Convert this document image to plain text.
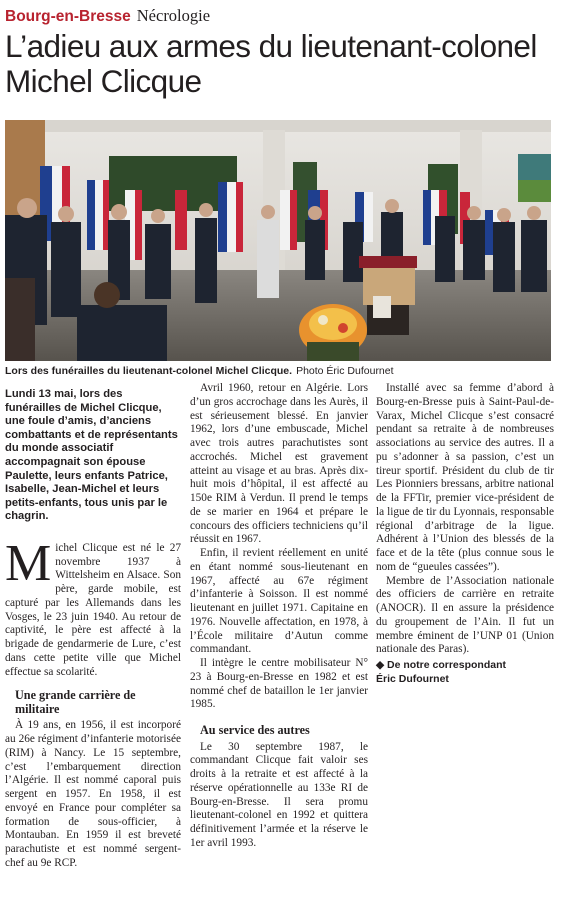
Bourg-en-Bresse Nécrologie
L’adieu aux armes du lieutenant-colonel Michel Clicque
Lors des funérailles du lieutenant-colonel Michel Clicque. Photo Éric Dufournet

Lundi 13 mai, lors des funérailles de Michel Clicque, une foule d’amis, d’anciens combattants et de représentants du monde associatif accompagnait son épouse Paulette, leurs enfants Patrice, Isabelle, Jean-Michel et leurs petits-enfants, tous unis par le chagrin.

Michel Clicque est né le 27 novembre 1937 à Wittelsheim en Alsace. Son père, garde mobile, est capturé par les Allemands dans les Vosges, le 23 juin 1940. Au retour de captivité, le père est affecté à la brigade de gendarmerie de Lure, c’est dans cette petite ville que Michel effectue sa scolarité.

Une grande carrière de militaire

À 19 ans, en 1956, il est incorporé au 26e régiment d’infanterie motorisée (RIM) à Nancy. Le 15 septembre, c’est l’embarquement direction l’Algérie. Il est nommé caporal puis sergent en 1957. En 1958, il est envoyé en France pour compléter sa formation de sous-officier, à Montauban. En 1959 il est breveté parachutiste et est nommé sergent-chef au 9e RCP.

Avril 1960, retour en Algérie. Lors d’un gros accrochage dans les Aurès, il est sérieusement blessé. En janvier 1962, lors d’une embuscade, Michel avec trois autres parachutistes sont accrochés. Michel est gravement atteint au visage et au bras. Après dix-huit mois d’hôpital, il est affecté au 150e RIM à Verdun. Il prend le temps de se marier en 1964 et prépare le concours des officiers techniciens qu’il réussit en 1967.

Enfin, il revient réellement en unité en étant nommé sous-lieutenant en 1967, affecté au 67e régiment d’infanterie à Soisson. Il est nommé lieutenant en juillet 1971. Capitaine en 1976. Nouvelle affectation, en 1978, à l’École militaire d’Autun comme commandant.

Il intègre le centre mobilisateur N° 23 à Bourg-en-Bresse en 1982 et est nommé chef de bataillon le 1er janvier 1985.

Au service des autres

Le 30 septembre 1987, le commandant Clicque fait valoir ses droits à la retraite et est affecté à la réserve opérationnelle au 133e RI de Bourg-en-Bresse. Il sera promu lieutenant-colonel en 1992 et quittera définitivement l’armée et la réserve le 1er avril 1993.

Installé avec sa femme d’abord à Bourg-en-Bresse puis à Saint-Paul-de-Varax, Michel Clicque s’est consacré pendant sa retraite à de nombreuses associations au service des autres. Il a pu s’adonner à sa passion, c’est un tireur sportif. Président du club de tir Les Pionniers bressans, arbitre national de la FFTir, premier vice-président de la ligue de tir du Lyonnais, responsable régional d’arbitrage de la ligue. Adhérent à l’Union des blessés de la face et de la tête (plus connue sous le nom de “gueules cassées”).

Membre de l’Association nationale des officiers de carrière en retraite (ANOCR). Il en assure la présidence du groupement de l’Ain. Il fut un membre éminent de l’UNP 01 (Union nationale des Paras).

◆ De notre correspondant
Éric Dufournet
